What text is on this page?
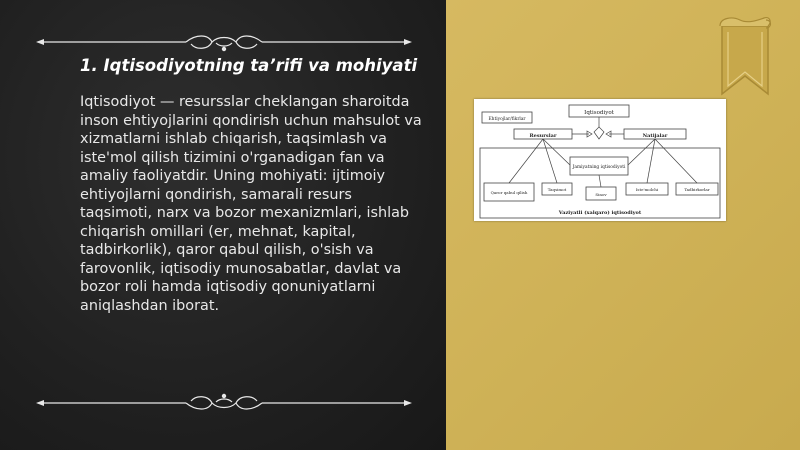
1. Iqtisodiyotning ta’rifi va mohiyati

Iqtisodiyot — resursslar cheklangan sharoitda inson ehtiyojlarini qondirish uchun mahsulot va xizmatlarni ishlab chiqarish, taqsimlash va iste'mol qilish tizimini o'rganadigan fan va amaliy faoliyatdir. Uning mohiyati: ijtimoiy ehtiyojlarni qondirish, samarali resurs taqsimoti, narx va bozor mexanizmlari, ishlab chiqarish omillari (er, mehnat, kapital, tadbirkorlik), qaror qabul qilish, o'sish va farovonlik, iqtisodiy munosabatlar, davlat va bozor roli hamda iqtisodiy qonuniyatlarni aniqlashdan iborat.

Iqtisodiyot
Ehtiyojlar/fikrlar
Resurslar	Natijalar
Jamiyatning iqtisodiyoti
Qaror qabul qilish
Taqsimot
Sinov
Iste'molchi	Tadbirkorlar
Vaziyatli (xalqaro) iqtisodiyot
